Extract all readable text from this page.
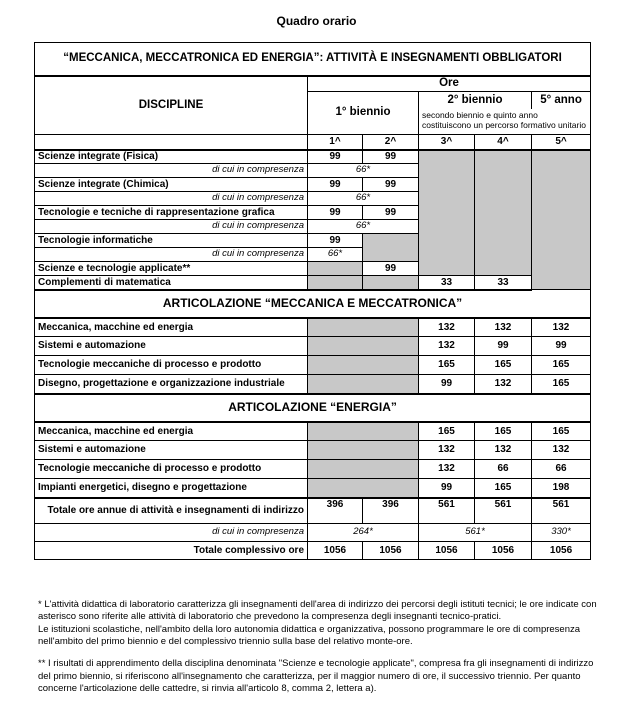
Quadro orario
“MECCANICA, MECCATRONICA ED ENERGIA”: ATTIVITÀ E INSEGNAMENTI OBBLIGATORI					
DISCIPLINE	Ore				
	1° biennio		2° biennio		5° anno
			secondo biennio e quinto anno costituiscono un percorso formativo unitario		
	1^	2^	3^	4^	5^
Scienze integrate (Fisica)	99	99			
di cui in compresenza	66*				
Scienze integrate (Chimica)	99	99			
di cui in compresenza	66*				
Tecnologie e tecniche di rappresentazione grafica	99	99			
di cui in compresenza	66*				
Tecnologie informatiche	99				
di cui in compresenza	66*				
Scienze e tecnologie applicate**		99			
Complementi di matematica			33	33	
ARTICOLAZIONE “MECCANICA E MECCATRONICA”					
Meccanica, macchine ed energia			132	132	132
Sistemi e automazione			132	99	99
Tecnologie meccaniche di processo e prodotto			165	165	165
Disegno, progettazione e organizzazione industriale			99	132	165
ARTICOLAZIONE “ENERGIA”					
Meccanica, macchine ed energia			165	165	165
Sistemi e automazione			132	132	132
Tecnologie meccaniche di processo e prodotto			132	66	66
Impianti energetici, disegno e progettazione			99	165	198
Totale ore annue di attività e insegnamenti di indirizzo	396	396	561	561	561
di cui in compresenza	264*		561*		330*
Totale complessivo ore	1056	1056	1056	1056	1056

* L'attività didattica di laboratorio caratterizza gli insegnamenti dell'area di indirizzo dei percorsi degli istituti tecnici; le ore indicate con asterisco sono riferite alle attività di laboratorio che prevedono la compresenza degli insegnanti tecnico-pratici.
Le istituzioni scolastiche, nell'ambito della loro autonomia didattica e organizzativa, possono programmare le ore di compresenza nell'ambito del primo biennio e del complessivo triennio sulla base del relativo monte-ore.

** I risultati di apprendimento della disciplina denominata "Scienze e tecnologie applicate", compresa fra gli insegnamenti di indirizzo del primo biennio, si riferiscono all'insegnamento che caratterizza, per il maggior numero di ore, il successivo triennio. Per quanto concerne l'articolazione delle cattedre, si rinvia all'articolo 8, comma 2, lettera a).
